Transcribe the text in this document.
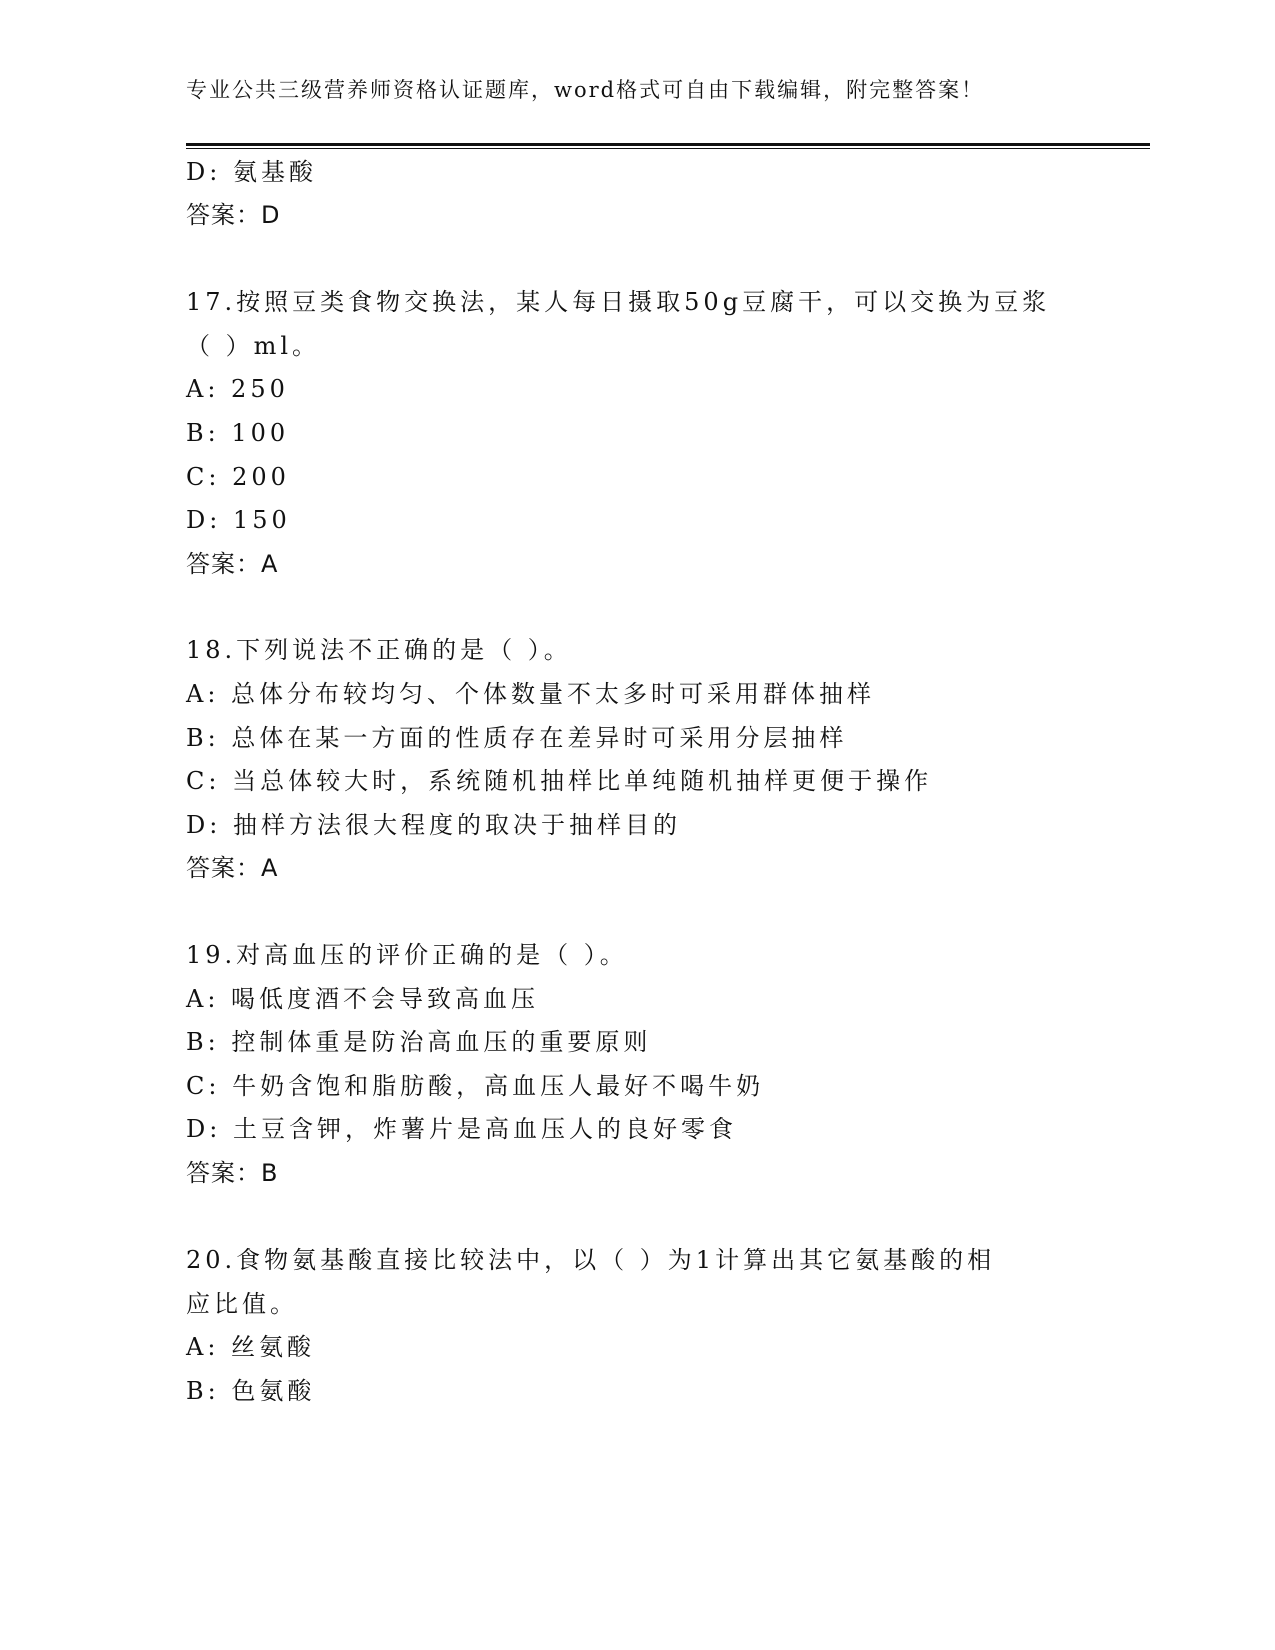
专业公共三级营养师资格认证题库，word格式可自由下载编辑，附完整答案！
D: 氨基酸
答案：D
17.按照豆类食物交换法，某人每日摄取50g豆腐干，可以交换为豆浆
（ ）ml。
A: 250
B: 100
C: 200
D: 150
答案：A
18.下列说法不正确的是（ ）。
A: 总体分布较均匀、个体数量不太多时可采用群体抽样
B: 总体在某一方面的性质存在差异时可采用分层抽样
C: 当总体较大时，系统随机抽样比单纯随机抽样更便于操作
D: 抽样方法很大程度的取决于抽样目的
答案：A
19.对高血压的评价正确的是（ ）。
A: 喝低度酒不会导致高血压
B: 控制体重是防治高血压的重要原则
C: 牛奶含饱和脂肪酸，高血压人最好不喝牛奶
D: 土豆含钾，炸薯片是高血压人的良好零食
答案：B
20.食物氨基酸直接比较法中，以（ ）为1计算出其它氨基酸的相
应比值。
A: 丝氨酸
B: 色氨酸
